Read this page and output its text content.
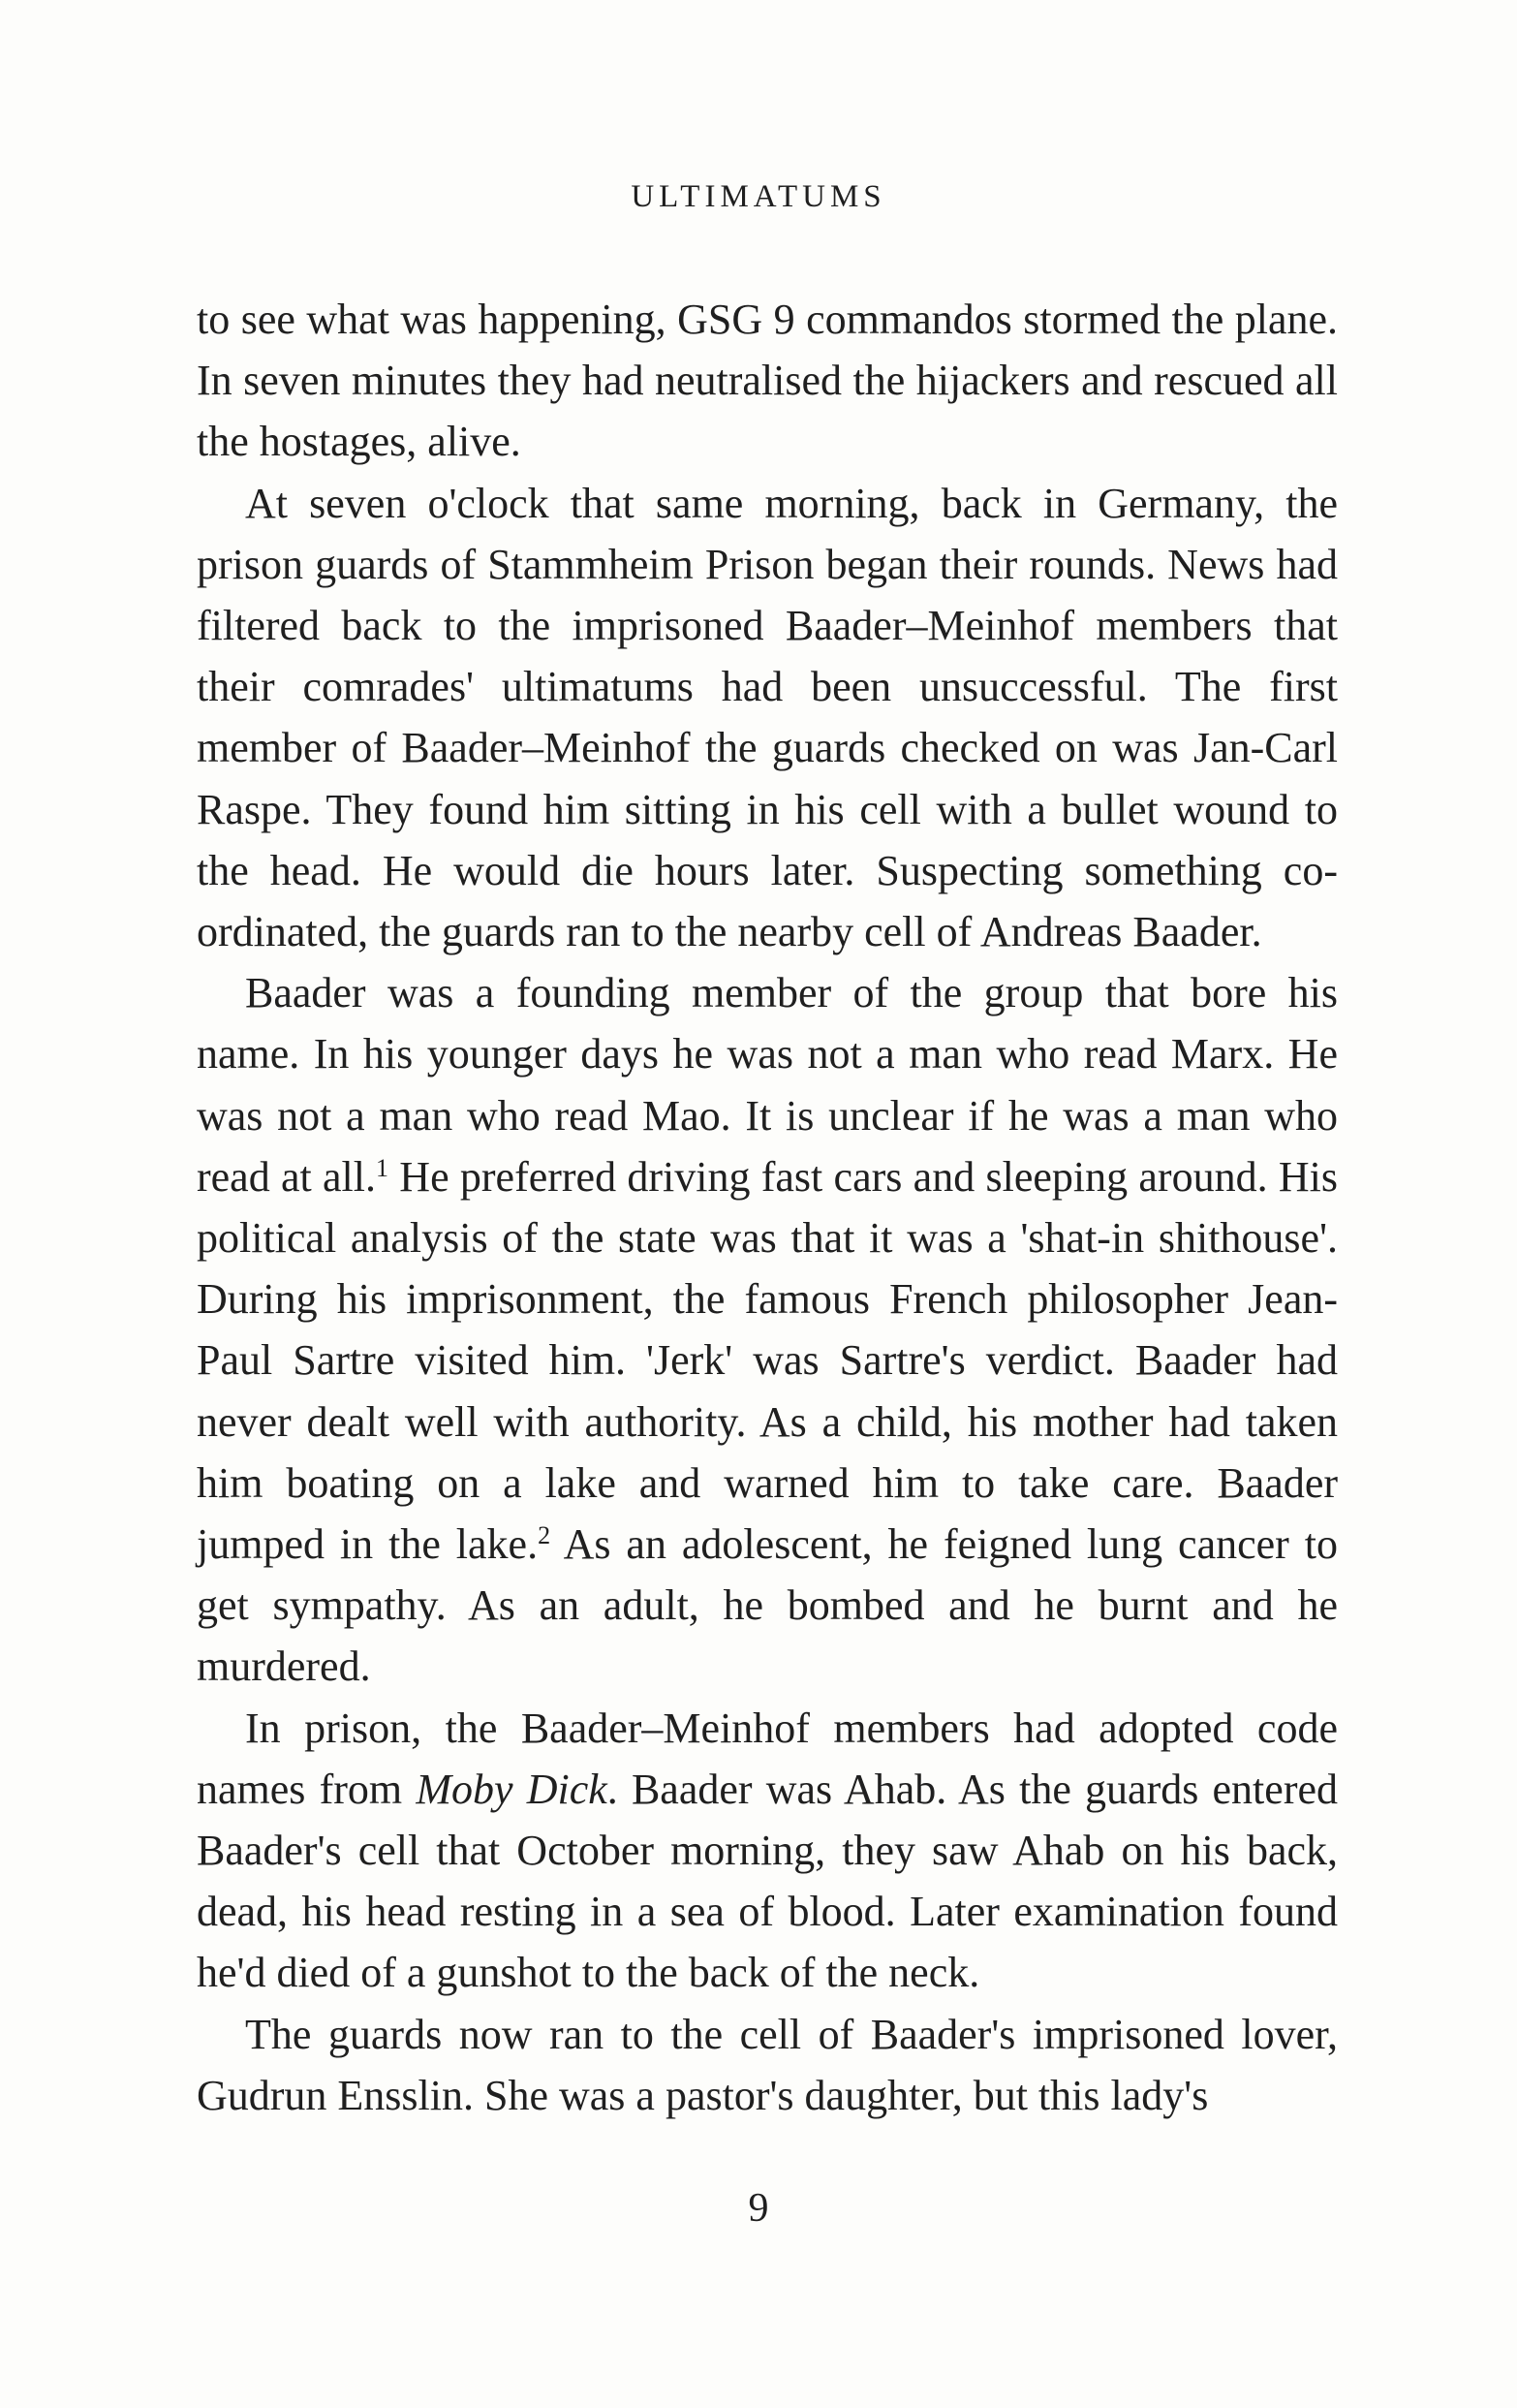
ULTIMATUMS

to see what was happening, GSG 9 commandos stormed the plane. In seven minutes they had neutralised the hijackers and rescued all the hostages, alive.

At seven o'clock that same morning, back in Germany, the prison guards of Stammheim Prison began their rounds. News had filtered back to the imprisoned Baader–Meinhof members that their comrades' ultimatums had been unsuccessful. The first member of Baader–Meinhof the guards checked on was Jan-Carl Raspe. They found him sitting in his cell with a bullet wound to the head. He would die hours later. Suspecting something co-ordinated, the guards ran to the nearby cell of Andreas Baader.

Baader was a founding member of the group that bore his name. In his younger days he was not a man who read Marx. He was not a man who read Mao. It is unclear if he was a man who read at all.$^1$ He preferred driving fast cars and sleeping around. His political analysis of the state was that it was a 'shat-in shithouse'. During his imprisonment, the famous French philosopher Jean-Paul Sartre visited him. 'Jerk' was Sartre's verdict. Baader had never dealt well with authority. As a child, his mother had taken him boating on a lake and warned him to take care. Baader jumped in the lake.$^2$ As an adolescent, he feigned lung cancer to get sympathy. As an adult, he bombed and he burnt and he murdered.

In prison, the Baader–Meinhof members had adopted code names from Moby Dick. Baader was Ahab. As the guards entered Baader's cell that October morning, they saw Ahab on his back, dead, his head resting in a sea of blood. Later examination found he'd died of a gunshot to the back of the neck.

The guards now ran to the cell of Baader's imprisoned lover, Gudrun Ensslin. She was a pastor's daughter, but this lady's

9
